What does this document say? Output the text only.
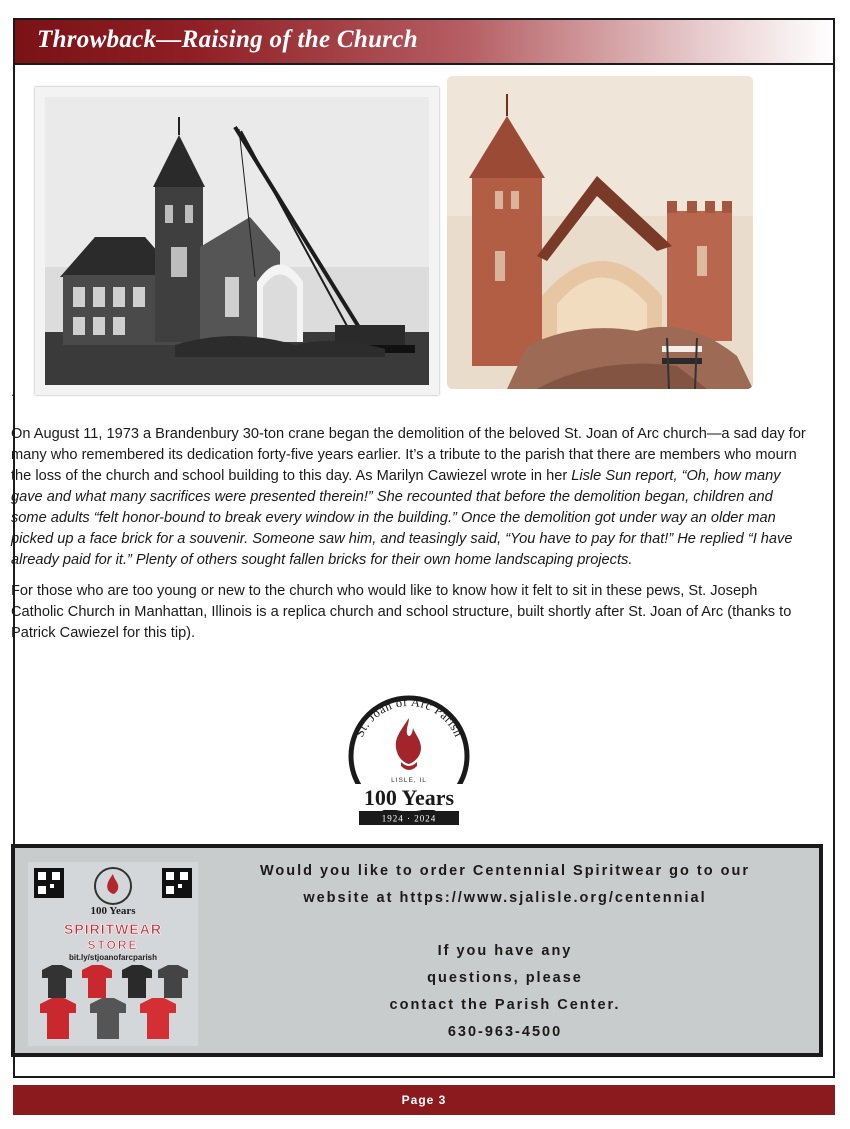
Throwback—Raising of the Church
.

On August 11, 1973 a Brandenbury 30-ton crane began the demolition of the beloved St. Joan of Arc church—a sad day for many who remembered its dedication forty-five years earlier. It’s a tribute to the parish that there are members who mourn the loss of the church and school building to this day. As Marilyn Cawiezel wrote in her Lisle Sun report, “Oh, how many gave and what many sacrifices were presented therein!” She recounted that before the demolition began, children and some adults “felt honor-bound to break every window in the building.” Once the demolition got under way an older man picked up a face brick for a souvenir. Someone saw him, and teasingly said, “You have to pay for that!” He replied “I have already paid for it.” Plenty of others sought fallen bricks for their own home landscaping projects.

For those who are too young or new to the church who would like to know how it felt to sit in these pews, St. Joseph Catholic Church in Manhattan, Illinois is a replica church and school structure, built shortly after St. Joan of Arc (thanks to Patrick Cawiezel for this tip).

St. Joan of Arc Parish
LISLE, IL
100 Years
1924 · 2024
100 Years
SPIRITWEAR
STORE
bit.ly/stjoanofarcparish
Would you like to order Centennial Spiritwear go to our
website at https://www.sjalisle.org/centennial
If you have any
questions, please
contact the Parish Center.
630-963-4500
Page 3
